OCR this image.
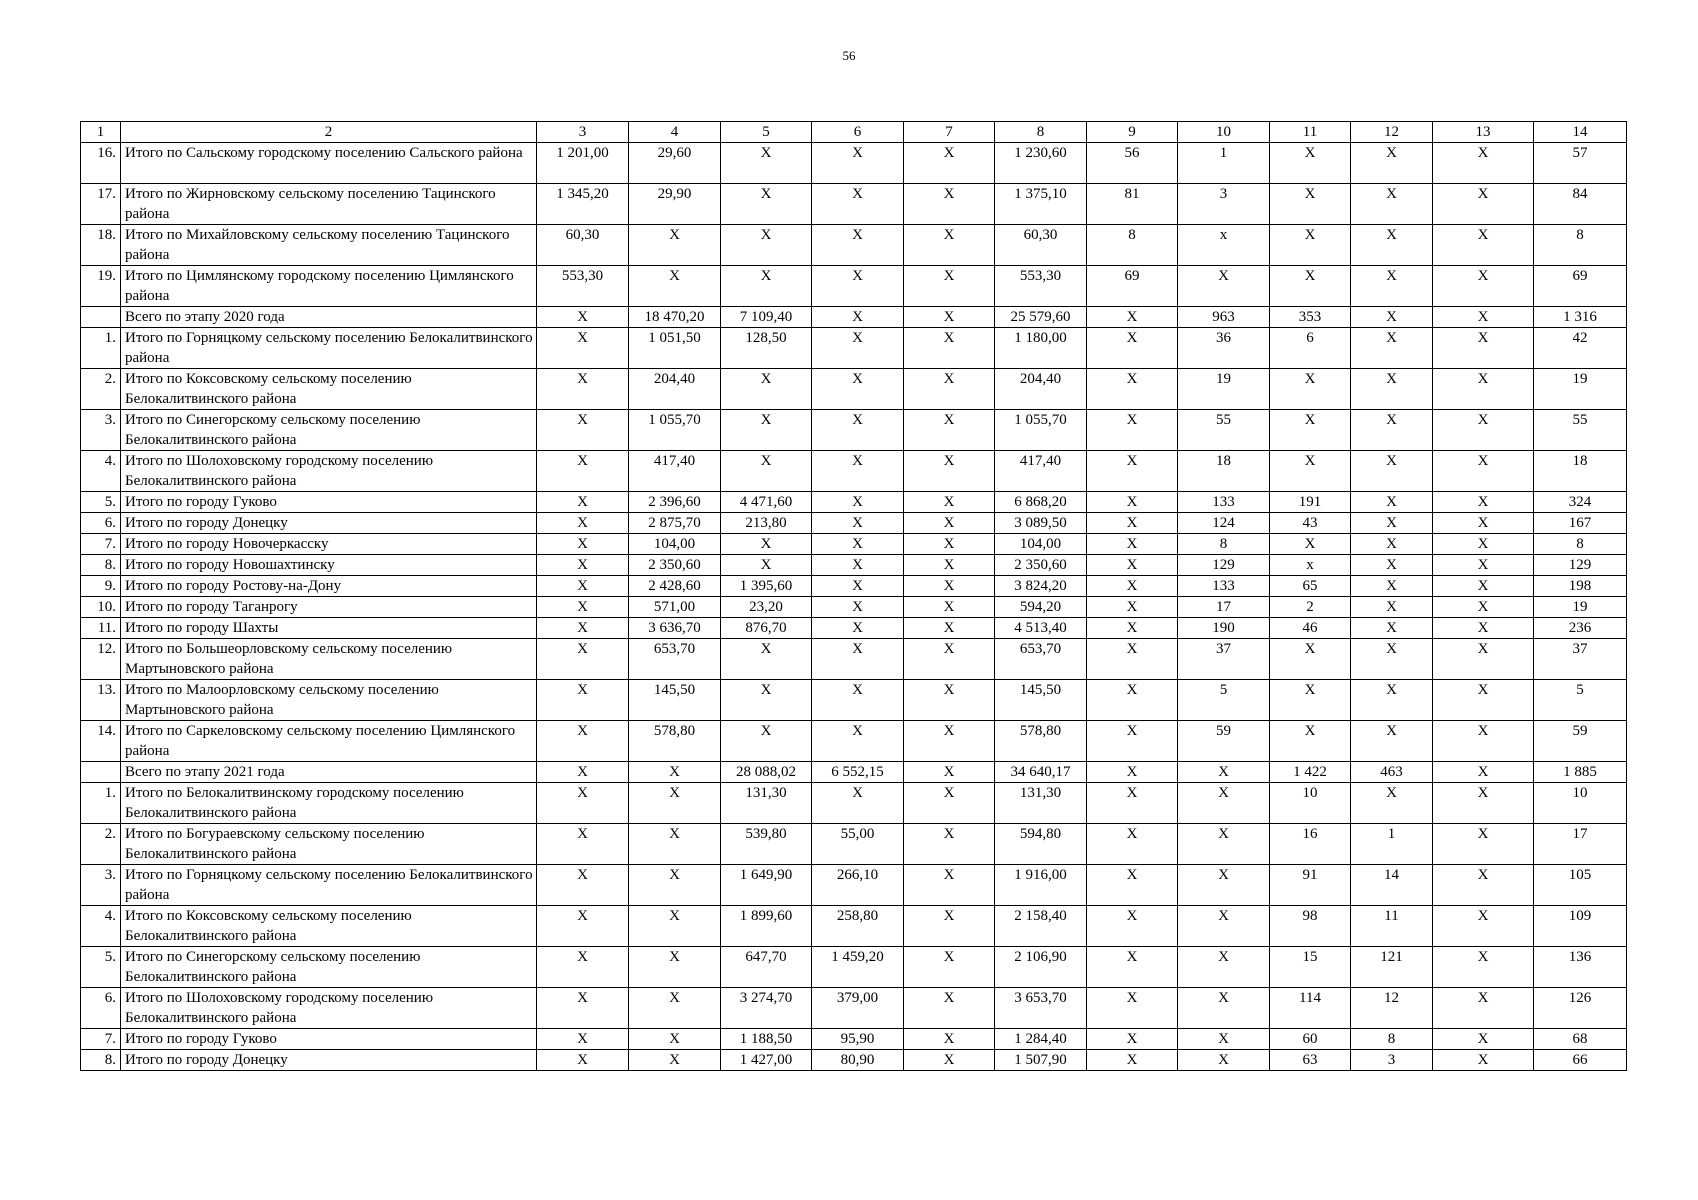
56
1	2	3	4	5	6	7	8	9	10	11	12	13	14
16.	Итого по Сальскому городскому поселению Сальского района	1 201,00	29,60	X	X	X	1 230,60	56	1	X	X	X	57
17.	Итого по Жирновскому сельскому поселению Тацинского района	1 345,20	29,90	X	X	X	1 375,10	81	3	X	X	X	84
18.	Итого по Михайловскому сельскому поселению Тацинского района	60,30	X	X	X	X	60,30	8	x	X	X	X	8
19.	Итого по Цимлянскому городскому поселению Цимлянского района	553,30	X	X	X	X	553,30	69	X	X	X	X	69
	Всего по этапу 2020 года	X	18 470,20	7 109,40	X	X	25 579,60	X	963	353	X	X	1 316
1.	Итого по Горняцкому сельскому поселению Белокалитвинского района	X	1 051,50	128,50	X	X	1 180,00	X	36	6	X	X	42
2.	Итого по Коксовскому сельскому поселению Белокалитвинского района	X	204,40	X	X	X	204,40	X	19	X	X	X	19
3.	Итого по Синегорскому сельскому поселению Белокалитвинского района	X	1 055,70	X	X	X	1 055,70	X	55	X	X	X	55
4.	Итого по Шолоховскому городскому поселению Белокалитвинского района	X	417,40	X	X	X	417,40	X	18	X	X	X	18
5.	Итого по городу Гуково	X	2 396,60	4 471,60	X	X	6 868,20	X	133	191	X	X	324
6.	Итого по городу Донецку	X	2 875,70	213,80	X	X	3 089,50	X	124	43	X	X	167
7.	Итого по городу Новочеркасску	X	104,00	X	X	X	104,00	X	8	X	X	X	8
8.	Итого по городу Новошахтинску	X	2 350,60	X	X	X	2 350,60	X	129	x	X	X	129
9.	Итого по городу Ростову-на-Дону	X	2 428,60	1 395,60	X	X	3 824,20	X	133	65	X	X	198
10.	Итого по городу Таганрогу	X	571,00	23,20	X	X	594,20	X	17	2	X	X	19
11.	Итого по городу Шахты	X	3 636,70	876,70	X	X	4 513,40	X	190	46	X	X	236
12.	Итого по Большеорловскому сельскому поселению Мартыновского района	X	653,70	X	X	X	653,70	X	37	X	X	X	37
13.	Итого по Малоорловскому сельскому поселению Мартыновского района	X	145,50	X	X	X	145,50	X	5	X	X	X	5
14.	Итого по Саркеловскому сельскому поселению Цимлянского района	X	578,80	X	X	X	578,80	X	59	X	X	X	59
	Всего по этапу 2021 года	X	X	28 088,02	6 552,15	X	34 640,17	X	X	1 422	463	X	1 885
1.	Итого по Белокалитвинскому городскому поселению Белокалитвинского района	X	X	131,30	X	X	131,30	X	X	10	X	X	10
2.	Итого по Богураевскому сельскому поселению Белокалитвинского района	X	X	539,80	55,00	X	594,80	X	X	16	1	X	17
3.	Итого по Горняцкому сельскому поселению Белокалитвинского района	X	X	1 649,90	266,10	X	1 916,00	X	X	91	14	X	105
4.	Итого по Коксовскому сельскому поселению Белокалитвинского района	X	X	1 899,60	258,80	X	2 158,40	X	X	98	11	X	109
5.	Итого по Синегорскому сельскому поселению Белокалитвинского района	X	X	647,70	1 459,20	X	2 106,90	X	X	15	121	X	136
6.	Итого по Шолоховскому городскому поселению Белокалитвинского района	X	X	3 274,70	379,00	X	3 653,70	X	X	114	12	X	126
7.	Итого по городу Гуково	X	X	1 188,50	95,90	X	1 284,40	X	X	60	8	X	68
8.	Итого по городу Донецку	X	X	1 427,00	80,90	X	1 507,90	X	X	63	3	X	66
